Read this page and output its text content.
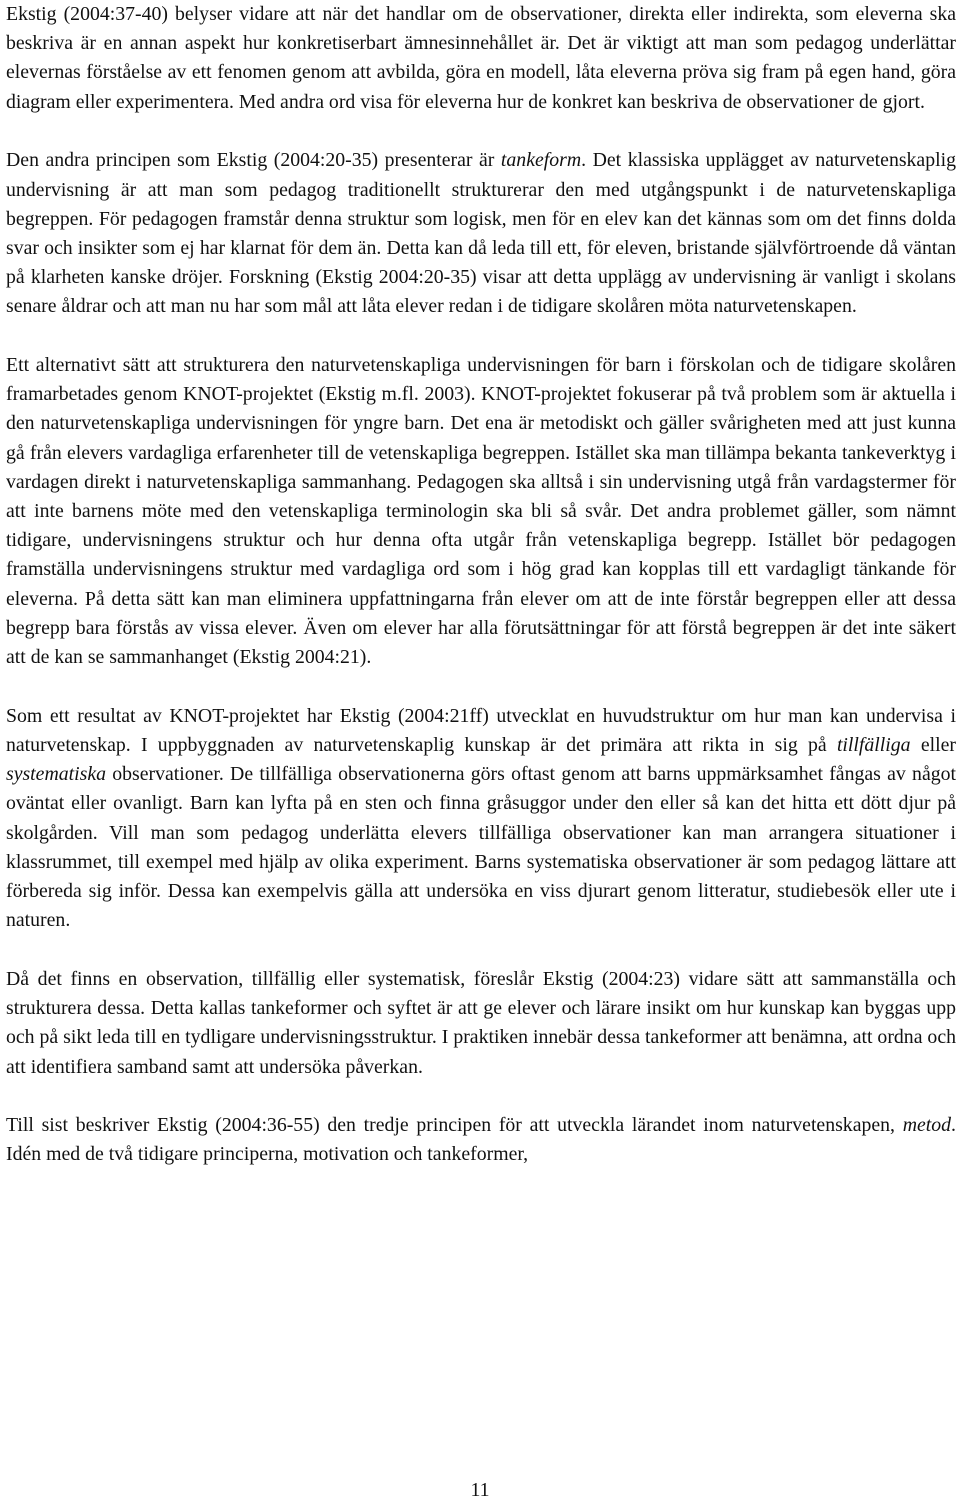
Ekstig (2004:37-40) belyser vidare att när det handlar om de observationer, direkta eller indirekta, som eleverna ska beskriva är en annan aspekt hur konkretiserbart ämnesinnehållet är. Det är viktigt att man som pedagog underlättar elevernas förståelse av ett fenomen genom att avbilda, göra en modell, låta eleverna pröva sig fram på egen hand, göra diagram eller experimentera. Med andra ord visa för eleverna hur de konkret kan beskriva de observationer de gjort.

Den andra principen som Ekstig (2004:20-35) presenterar är tankeform. Det klassiska upplägget av naturvetenskaplig undervisning är att man som pedagog traditionellt strukturerar den med utgångspunkt i de naturvetenskapliga begreppen. För pedagogen framstår denna struktur som logisk, men för en elev kan det kännas som om det finns dolda svar och insikter som ej har klarnat för dem än. Detta kan då leda till ett, för eleven, bristande självförtroende då väntan på klarheten kanske dröjer. Forskning (Ekstig 2004:20-35) visar att detta upplägg av undervisning är vanligt i skolans senare åldrar och att man nu har som mål att låta elever redan i de tidigare skolåren möta naturvetenskapen.

Ett alternativt sätt att strukturera den naturvetenskapliga undervisningen för barn i förskolan och de tidigare skolåren framarbetades genom KNOT-projektet (Ekstig m.fl. 2003). KNOT-projektet fokuserar på två problem som är aktuella i den naturvetenskapliga undervisningen för yngre barn. Det ena är metodiskt och gäller svårigheten med att just kunna gå från elevers vardagliga erfarenheter till de vetenskapliga begreppen. Istället ska man tillämpa bekanta tankeverktyg i vardagen direkt i naturvetenskapliga sammanhang. Pedagogen ska alltså i sin undervisning utgå från vardagstermer för att inte barnens möte med den vetenskapliga terminologin ska bli så svår. Det andra problemet gäller, som nämnt tidigare, undervisningens struktur och hur denna ofta utgår från vetenskapliga begrepp. Istället bör pedagogen framställa undervisningens struktur med vardagliga ord som i hög grad kan kopplas till ett vardagligt tänkande för eleverna. På detta sätt kan man eliminera uppfattningarna från elever om att de inte förstår begreppen eller att dessa begrepp bara förstås av vissa elever. Även om elever har alla förutsättningar för att förstå begreppen är det inte säkert att de kan se sammanhanget (Ekstig 2004:21).

Som ett resultat av KNOT-projektet har Ekstig (2004:21ff) utvecklat en huvudstruktur om hur man kan undervisa i naturvetenskap. I uppbyggnaden av naturvetenskaplig kunskap är det primära att rikta in sig på tillfälliga eller systematiska observationer. De tillfälliga observationerna görs oftast genom att barns uppmärksamhet fångas av något oväntat eller ovanligt. Barn kan lyfta på en sten och finna gråsuggor under den eller så kan det hitta ett dött djur på skolgården. Vill man som pedagog underlätta elevers tillfälliga observationer kan man arrangera situationer i klassrummet, till exempel med hjälp av olika experiment. Barns systematiska observationer är som pedagog lättare att förbereda sig inför. Dessa kan exempelvis gälla att undersöka en viss djurart genom litteratur, studiebesök eller ute i naturen.

Då det finns en observation, tillfällig eller systematisk, föreslår Ekstig (2004:23) vidare sätt att sammanställa och strukturera dessa. Detta kallas tankeformer och syftet är att ge elever och lärare insikt om hur kunskap kan byggas upp och på sikt leda till en tydligare undervisningsstruktur. I praktiken innebär dessa tankeformer att benämna, att ordna och att identifiera samband samt att undersöka påverkan.

Till sist beskriver Ekstig (2004:36-55) den tredje principen för att utveckla lärandet inom naturvetenskapen, metod. Idén med de två tidigare principerna, motivation och tankeformer,

11
